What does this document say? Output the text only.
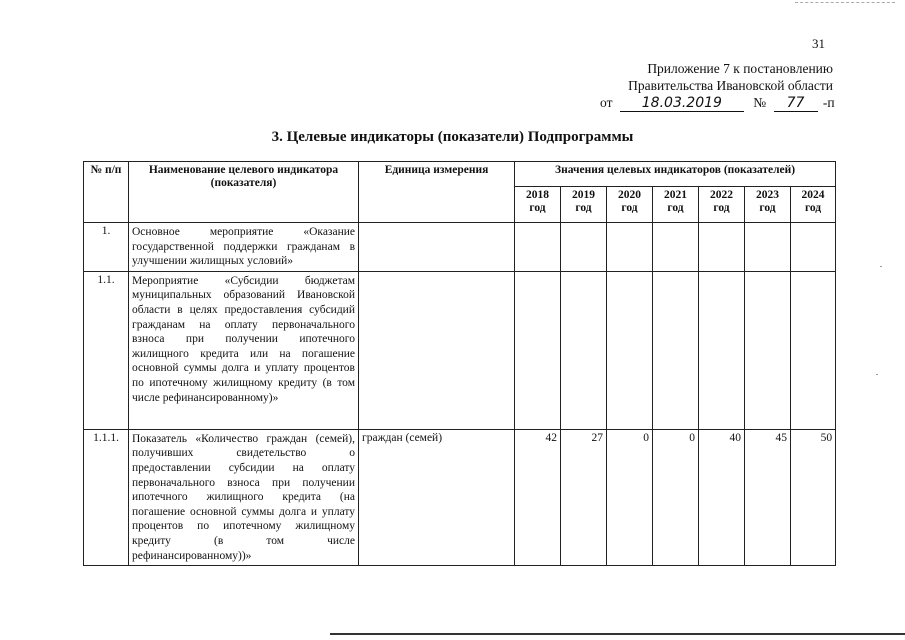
31
Приложение 7 к постановлению
Правительства Ивановской области
от 18.03.2019 № 77 -п
3. Целевые индикаторы (показатели) Подпрограммы
№ п/п	Наименование целевого индикатора (показателя)	Единица измерения	Значения целевых индикаторов (показателей)						
			2018 год	2019 год	2020 год	2021 год	2022 год	2023 год	2024 год
1.	Основное мероприятие «Оказание государственной поддержки гражданам в улучшении жилищных условий»								
1.1.	Мероприятие «Субсидии бюджетам муниципальных образований Ивановской области в целях предоставления субсидий гражданам на оплату первоначального взноса при получении ипотечного жилищного кредита или на погашение основной суммы долга и уплату процентов по ипотечному жилищному кредиту (в том числе рефинансированному)»								
1.1.1.	Показатель «Количество граждан (семей), получивших свидетельство о предоставлении субсидии на оплату первоначального взноса при получении ипотечного жилищного кредита (на погашение основной суммы долга и уплату процентов по ипотечному жилищному кредиту (в том числе рефинансированному))»	граждан (семей)	42	27	0	0	40	45	50
